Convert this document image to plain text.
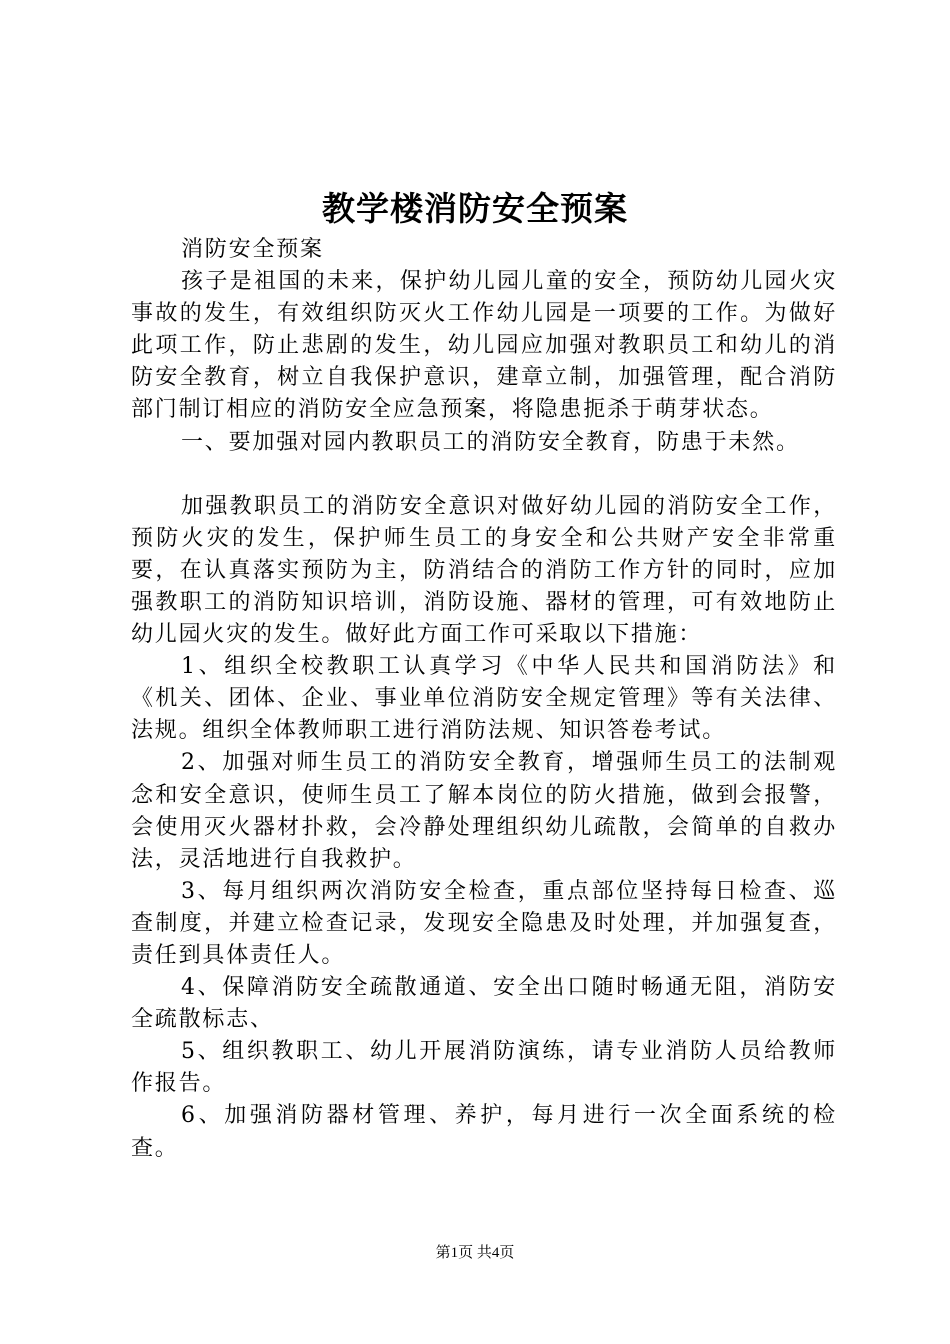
教学楼消防安全预案

消防安全预案

孩子是祖国的未来，保护幼儿园儿童的安全，预防幼儿园火灾事故的发生，有效组织防灭火工作幼儿园是一项要的工作。为做好此项工作，防止悲剧的发生，幼儿园应加强对教职员工和幼儿的消防安全教育，树立自我保护意识，建章立制，加强管理，配合消防部门制订相应的消防安全应急预案，将隐患扼杀于萌芽状态。

一、要加强对园内教职员工的消防安全教育，防患于未然。

加强教职员工的消防安全意识对做好幼儿园的消防安全工作，预防火灾的发生，保护师生员工的身安全和公共财产安全非常重要，在认真落实预防为主，防消结合的消防工作方针的同时，应加强教职工的消防知识培训，消防设施、器材的管理，可有效地防止幼儿园火灾的发生。做好此方面工作可采取以下措施：

1、组织全校教职工认真学习《中华人民共和国消防法》和《机关、团体、企业、事业单位消防安全规定管理》等有关法律、法规。组织全体教师职工进行消防法规、知识答卷考试。

2、加强对师生员工的消防安全教育，增强师生员工的法制观念和安全意识，使师生员工了解本岗位的防火措施，做到会报警，会使用灭火器材扑救，会冷静处理组织幼儿疏散，会简单的自救办法，灵活地进行自我救护。

3、每月组织两次消防安全检查，重点部位坚持每日检查、巡查制度，并建立检查记录，发现安全隐患及时处理，并加强复查，责任到具体责任人。

4、保障消防安全疏散通道、安全出口随时畅通无阻，消防安全疏散标志、

5、组织教职工、幼儿开展消防演练，请专业消防人员给教师作报告。

6、加强消防器材管理、养护，每月进行一次全面系统的检查。

第1页 共4页
